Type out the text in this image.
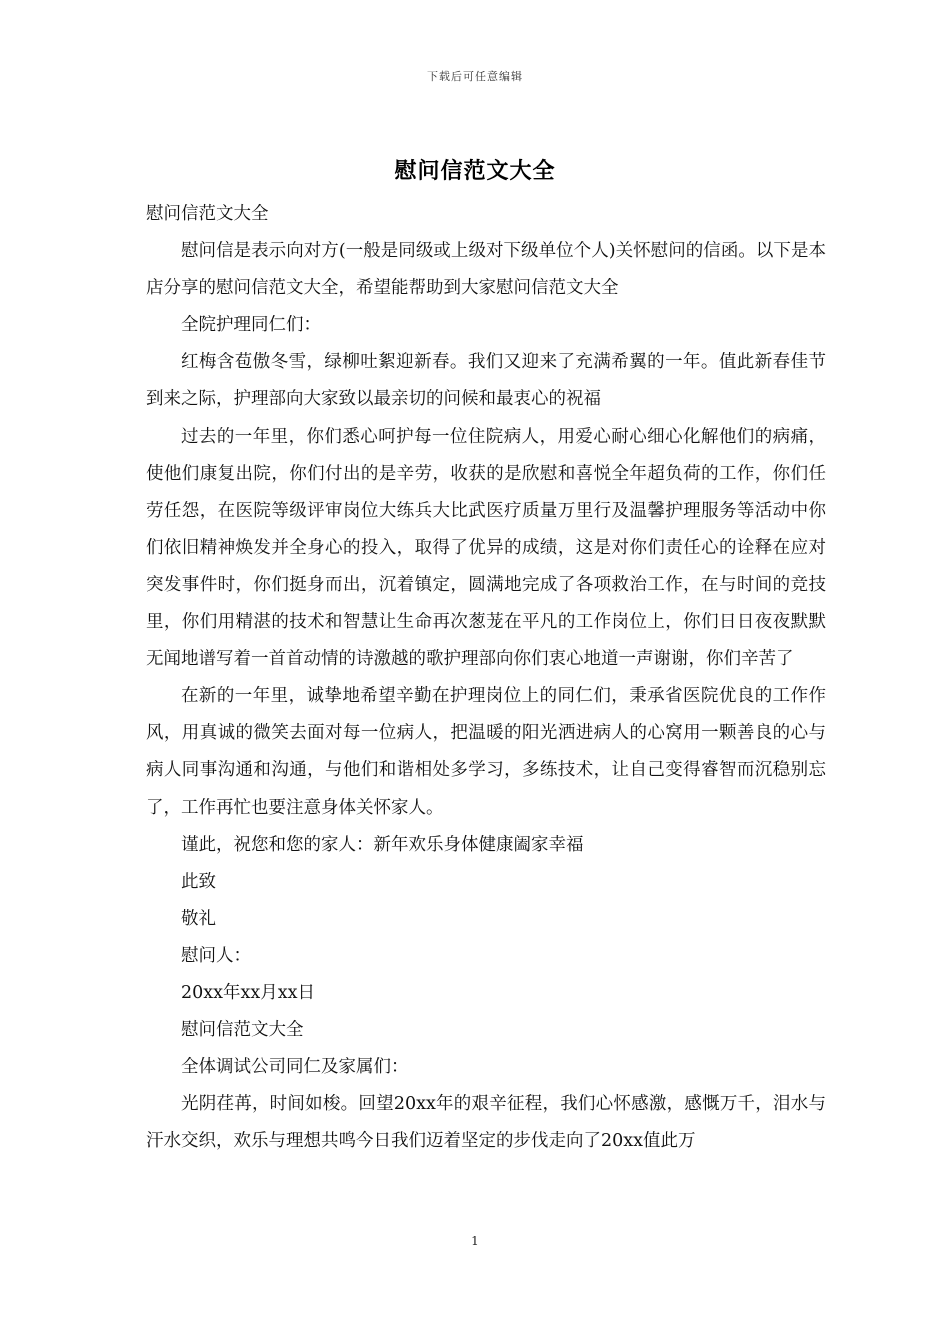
下载后可任意编辑
慰问信范文大全

慰问信范文大全

慰问信是表示向对方(一般是同级或上级对下级单位个人)关怀慰问的信函。以下是本店分享的慰问信范文大全，希望能帮助到大家慰问信范文大全

全院护理同仁们：

红梅含苞傲冬雪，绿柳吐絮迎新春。我们又迎来了充满希翼的一年。值此新春佳节到来之际，护理部向大家致以最亲切的问候和最衷心的祝福

过去的一年里，你们悉心呵护每一位住院病人，用爱心耐心细心化解他们的病痛，使他们康复出院，你们付出的是辛劳，收获的是欣慰和喜悦全年超负荷的工作，你们任劳任怨，在医院等级评审岗位大练兵大比武医疗质量万里行及温馨护理服务等活动中你们依旧精神焕发并全身心的投入，取得了优异的成绩，这是对你们责任心的诠释在应对突发事件时，你们挺身而出，沉着镇定，圆满地完成了各项救治工作，在与时间的竞技里，你们用精湛的技术和智慧让生命再次葱茏在平凡的工作岗位上，你们日日夜夜默默无闻地谱写着一首首动情的诗激越的歌护理部向你们衷心地道一声谢谢，你们辛苦了

在新的一年里，诚挚地希望辛勤在护理岗位上的同仁们，秉承省医院优良的工作作风，用真诚的微笑去面对每一位病人，把温暖的阳光洒进病人的心窝用一颗善良的心与病人同事沟通和沟通，与他们和谐相处多学习，多练技术，让自己变得睿智而沉稳别忘了，工作再忙也要注意身体关怀家人。

谨此，祝您和您的家人：新年欢乐身体健康阖家幸福

此致

敬礼

慰问人：

20xx年xx月xx日

慰问信范文大全

全体调试公司同仁及家属们：

光阴荏苒，时间如梭。回望20xx年的艰辛征程，我们心怀感激，感慨万千，泪水与汗水交织，欢乐与理想共鸣今日我们迈着坚定的步伐走向了20xx值此万

1
